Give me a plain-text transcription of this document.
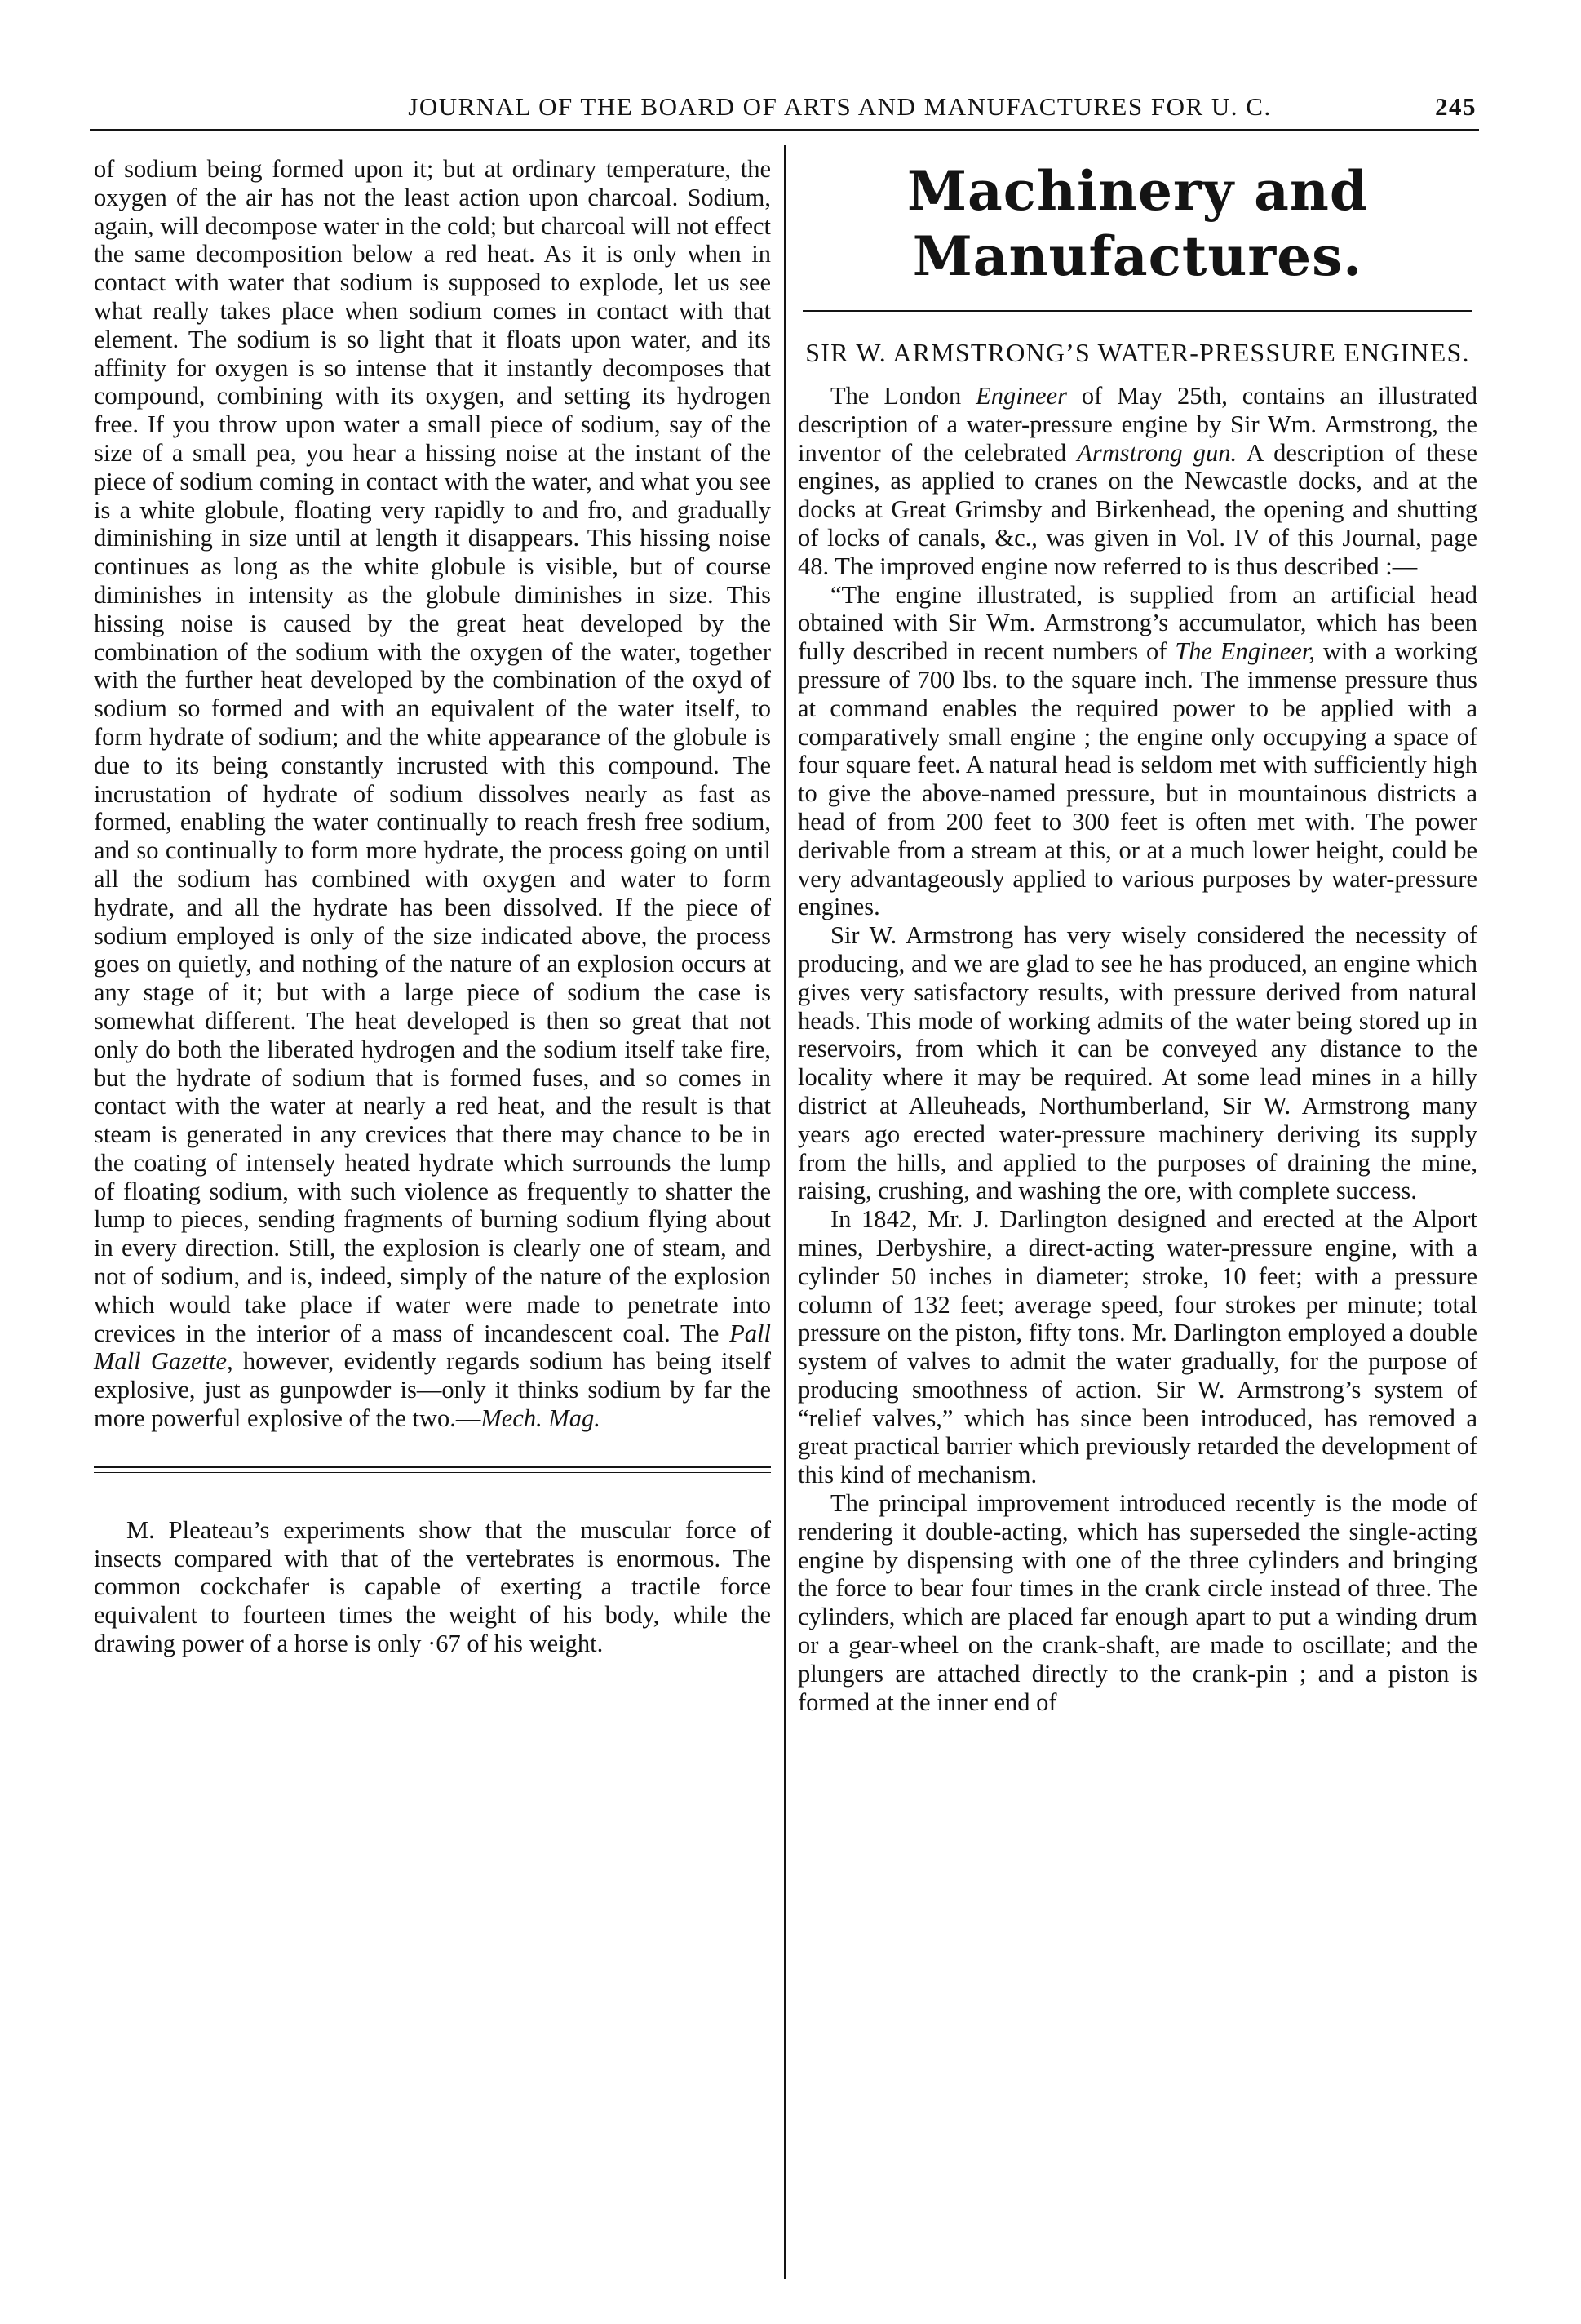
JOURNAL OF THE BOARD OF ARTS AND MANUFACTURES FOR U. C.	245

of sodium being formed upon it; but at ordinary temperature, the oxygen of the air has not the least action upon charcoal. Sodium, again, will decompose water in the cold; but charcoal will not effect the same decomposition below a red heat. As it is only when in contact with water that sodium is supposed to explode, let us see what really takes place when sodium comes in contact with that element. The sodium is so light that it floats upon water, and its affinity for oxygen is so intense that it instantly decomposes that compound, combining with its oxygen, and setting its hydrogen free. If you throw upon water a small piece of sodium, say of the size of a small pea, you hear a hissing noise at the instant of the piece of sodium coming in contact with the water, and what you see is a white globule, floating very rapidly to and fro, and gradually diminishing in size until at length it disappears. This hissing noise continues as long as the white globule is visible, but of course diminishes in intensity as the globule diminishes in size. This hissing noise is caused by the great heat developed by the combination of the sodium with the oxygen of the water, together with the further heat developed by the combination of the oxyd of sodium so formed and with an equivalent of the water itself, to form hydrate of sodium; and the white appearance of the globule is due to its being constantly incrusted with this compound. The incrustation of hydrate of sodium dissolves nearly as fast as formed, enabling the water continually to reach fresh free sodium, and so continually to form more hydrate, the process going on until all the sodium has combined with oxygen and water to form hydrate, and all the hydrate has been dissolved. If the piece of sodium employed is only of the size indicated above, the process goes on quietly, and nothing of the nature of an explosion occurs at any stage of it; but with a large piece of sodium the case is somewhat different. The heat developed is then so great that not only do both the liberated hydrogen and the sodium itself take fire, but the hydrate of sodium that is formed fuses, and so comes in contact with the water at nearly a red heat, and the result is that steam is generated in any crevices that there may chance to be in the coating of intensely heated hydrate which surrounds the lump of floating sodium, with such violence as frequently to shatter the lump to pieces, sending fragments of burning sodium flying about in every direction. Still, the explosion is clearly one of steam, and not of sodium, and is, indeed, simply of the nature of the explosion which would take place if water were made to penetrate into crevices in the interior of a mass of incandescent coal. The Pall Mall Gazette, however, evidently regards sodium has being itself explosive, just as gunpowder is—only it thinks sodium by far the more powerful explosive of the two.—Mech. Mag.

M. Pleateau’s experiments show that the muscular force of insects compared with that of the vertebrates is enormous. The common cockchafer is capable of exerting a tractile force equivalent to fourteen times the weight of his body, while the drawing power of a horse is only ·67 of his weight.

Machinery and Manufactures.
SIR W. ARMSTRONG’S WATER-PRESSURE ENGINES.

The London Engineer of May 25th, contains an illustrated description of a water-pressure engine by Sir Wm. Armstrong, the inventor of the celebrated Armstrong gun. A description of these engines, as applied to cranes on the Newcastle docks, and at the docks at Great Grimsby and Birkenhead, the opening and shutting of locks of canals, &c., was given in Vol. IV of this Journal, page 48. The improved engine now referred to is thus described :—

“The engine illustrated, is supplied from an artificial head obtained with Sir Wm. Armstrong’s accumulator, which has been fully described in recent numbers of The Engineer, with a working pressure of 700 lbs. to the square inch. The immense pressure thus at command enables the required power to be applied with a comparatively small engine ; the engine only occupying a space of four square feet. A natural head is seldom met with sufficiently high to give the above-named pressure, but in mountainous districts a head of from 200 feet to 300 feet is often met with. The power derivable from a stream at this, or at a much lower height, could be very advantageously applied to various purposes by water-pressure engines.

Sir W. Armstrong has very wisely considered the necessity of producing, and we are glad to see he has produced, an engine which gives very satisfactory results, with pressure derived from natural heads. This mode of working admits of the water being stored up in reservoirs, from which it can be conveyed any distance to the locality where it may be required. At some lead mines in a hilly district at Alleuheads, Northumberland, Sir W. Armstrong many years ago erected water-pressure machinery deriving its supply from the hills, and applied to the purposes of draining the mine, raising, crushing, and washing the ore, with complete success.

In 1842, Mr. J. Darlington designed and erected at the Alport mines, Derbyshire, a direct-acting water-pressure engine, with a cylinder 50 inches in diameter; stroke, 10 feet; with a pressure column of 132 feet; average speed, four strokes per minute; total pressure on the piston, fifty tons. Mr. Darlington employed a double system of valves to admit the water gradually, for the purpose of producing smoothness of action. Sir W. Armstrong’s system of “relief valves,” which has since been introduced, has removed a great practical barrier which previously retarded the development of this kind of mechanism.

The principal improvement introduced recently is the mode of rendering it double-acting, which has superseded the single-acting engine by dispensing with one of the three cylinders and bringing the force to bear four times in the crank circle instead of three. The cylinders, which are placed far enough apart to put a winding drum or a gear-wheel on the crank-shaft, are made to oscillate; and the plungers are attached directly to the crank-pin ; and a piston is formed at the inner end of
